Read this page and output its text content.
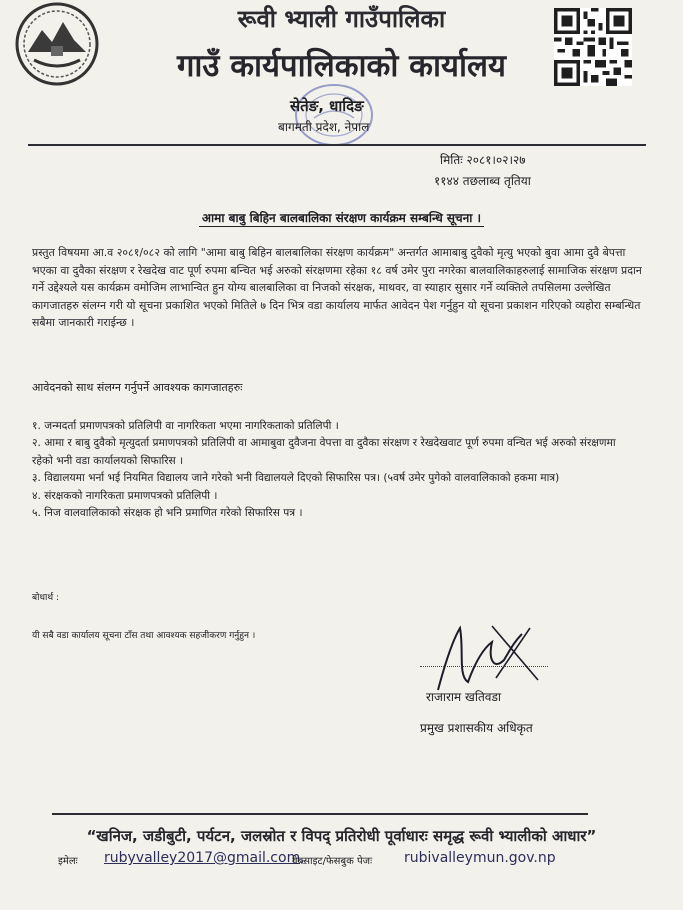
रूवी भ्याली गाउँपालिका
गाउँ कार्यपालिकाको कार्यालय
सेतेङ, धादिङ
बागमती प्रदेश, नेपाल
मितिः २०८१।०२।२७
११४४ तछलाब्व तृतिया
आमा बाबु बिहिन बालबालिका संरक्षण कार्यक्रम सम्बन्धि सूचना ।

प्रस्तुत विषयमा आ.व २०८१/०८२ को लागि "आमा बाबु बिहिन बालबालिका संरक्षण कार्यक्रम" अन्तर्गत आमाबाबु दुवैको मृत्यु भएको बुवा आमा दुवै बेपत्ता भएका वा दुवैका संरक्षण र रेखदेख वाट पूर्ण रुपमा बन्चित भई अरुको संरक्षणमा रहेका १८ वर्ष उमेर पुरा नगरेका बालवालिकाहरुलाई सामाजिक संरक्षण प्रदान गर्ने उद्देश्यले यस कार्यक्रम वमोजिम लाभान्वित हुन योग्य बालबालिका वा निजको संरक्षक, माथवर, वा स्याहार सुसार गर्ने व्यक्तिले तपसिलमा उल्लेखित कागजातहरु संलग्न गरी यो सूचना प्रकाशित भएको मितिले ७ दिन भित्र वडा कार्यालय मार्फत आवेदन पेश गर्नुहुन यो सूचना प्रकाशन गरिएको व्यहोरा सम्बन्धित सबैमा जानकारी गराईन्छ ।

आवेदनको साथ संलग्न गर्नुपर्ने आवश्यक कागजातहरुः
१. जन्मदर्ता प्रमाणपत्रको प्रतिलिपी वा नागरिकता भएमा नागरिकताको प्रतिलिपी ।
२. आमा र बाबु दुवैको मृत्युदर्ता प्रमाणपत्रको प्रतिलिपी वा आमाबुवा दुवैजना वेपत्ता वा दुवैका संरक्षण र रेखदेखवाट पूर्ण रुपमा वन्चित भई अरुको संरक्षणमा रहेको भनी वडा कार्यालयको सिफारिस ।
३. विद्यालयमा भर्ना भई नियमित विद्यालय जाने गरेको भनी विद्यालयले दिएको सिफारिस पत्र। (५वर्ष उमेर पुगेको वालवालिकाको हकमा मात्र)
४. संरक्षकको नागरिकता प्रमाणपत्रको प्रतिलिपी ।
५. निज वालवालिकाको संरक्षक हो भनि प्रमाणित गरेको सिफारिस पत्र ।
बोधार्थ :
यी सबै वडा कार्यालय सूचना टाँस तथा आवश्यक सहजीकरण गर्नुहुन ।
राजाराम खतिवडा
प्रमुख प्रशासकीय अधिकृत
“खनिज, जडीबुटी, पर्यटन, जलस्रोत र विपद् प्रतिरोधी पूर्वाधारः समृद्ध रूवी भ्यालीको आधार”
इमेलः rubyvalley2017@gmail.com,
वेबसाइट/फेसबुक पेजः rubivalleymun.gov.np
